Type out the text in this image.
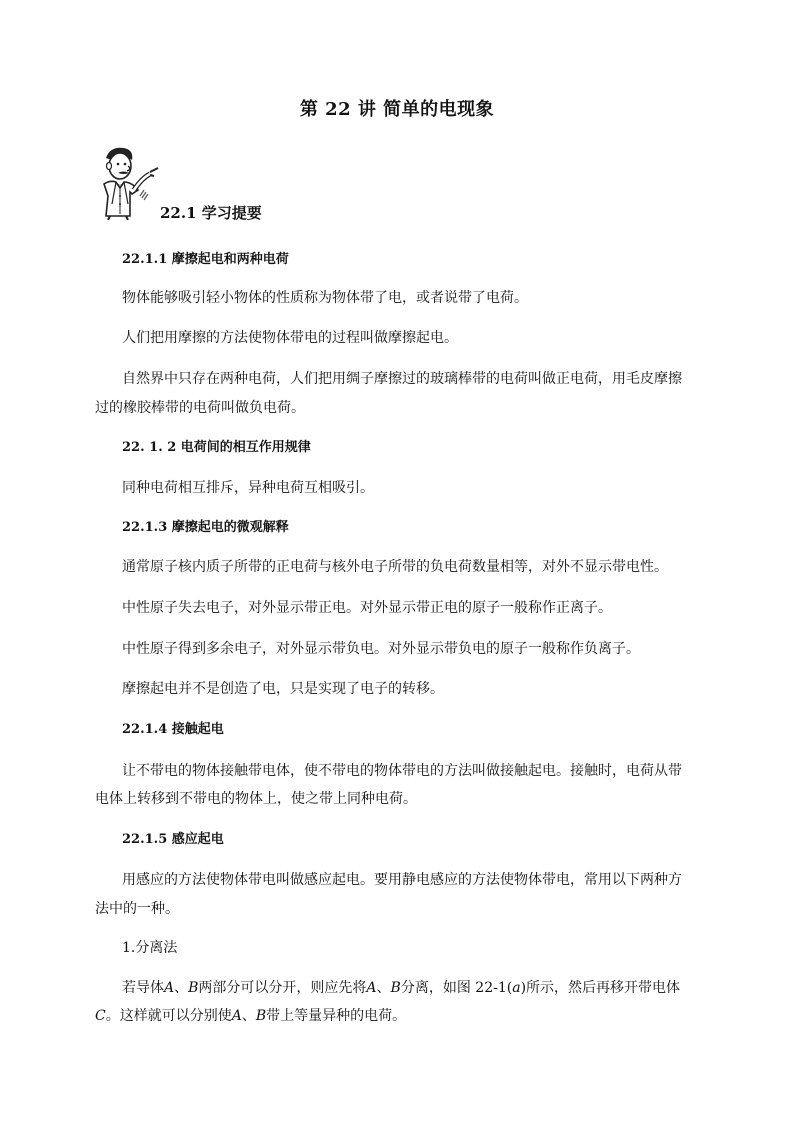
第 22 讲 简单的电现象
22.1 学习提要
22.1.1 摩擦起电和两种电荷
物体能够吸引轻小物体的性质称为物体带了电，或者说带了电荷。
人们把用摩擦的方法使物体带电的过程叫做摩擦起电。
自然界中只存在两种电荷，人们把用绸子摩擦过的玻璃棒带的电荷叫做正电荷，用毛皮摩擦
过的橡胶棒带的电荷叫做负电荷。
22. 1. 2 电荷间的相互作用规律
同种电荷相互排斥，异种电荷互相吸引。
22.1.3 摩擦起电的微观解释
通常原子核内质子所带的正电荷与核外电子所带的负电荷数量相等，对外不显示带电性。
中性原子失去电子，对外显示带正电。对外显示带正电的原子一般称作正离子。
中性原子得到多余电子，对外显示带负电。对外显示带负电的原子一般称作负离子。
摩擦起电并不是创造了电，只是实现了电子的转移。
22.1.4 接触起电
让不带电的物体接触带电体，使不带电的物体带电的方法叫做接触起电。接触时，电荷从带
电体上转移到不带电的物体上，使之带上同种电荷。
22.1.5 感应起电
用感应的方法使物体带电叫做感应起电。要用静电感应的方法使物体带电，常用以下两种方
法中的一种。
1.分离法
若导体A、B两部分可以分开，则应先将A、B分离，如图 22-1(a)所示，然后再移开带电体
C。这样就可以分别使A、B带上等量异种的电荷。
